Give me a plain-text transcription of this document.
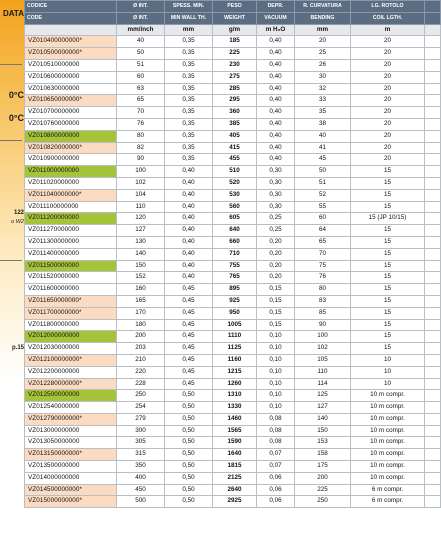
DATA
0°C
0°C
122
o W2
p.15
CODICE	Ø INT.	SPESS. MIN.	PESO	DEPR.	R. CURVATURA	LG. ROTOLO	
CODE	Ø INT.	MIN WALL TH.	WEIGHT	VACUUM	BENDING	COIL LGTH.	
	mm/inch	mm	g/m	m H₂O	mm	m	
VZ010400000000*	40	0,35	185	0,40	20	20	
VZ010500000000*	50	0,35	225	0,40	25	20	
VZ010510000000	51	0,35	230	0,40	26	20	
VZ010600000000	60	0,35	275	0,40	30	20	
VZ010630000000	63	0,35	285	0,40	32	20	
VZ010650000000*	65	0,35	295	0,40	33	20	
VZ010700000000	70	0,35	360	0,40	35	20	
VZ010760000000	76	0,35	385	0,40	38	20	
VZ010800000000	80	0,35	405	0,40	40	20	
VZ010820000000*	82	0,35	415	0,40	41	20	
VZ010900000000	90	0,35	455	0,40	45	20	
VZ011000000000	100	0,40	510	0,30	50	15	
VZ011020000000	102	0,40	520	0,30	51	15	
VZ011040000000*	104	0,40	530	0,30	52	15	
VZ011100000000	110	0,40	560	0,30	55	15	
VZ011200000000	120	0,40	605	0,25	60	15 (JP 10/15)	
VZ011270000000	127	0,40	640	0,25	64	15	
VZ011300000000	130	0,40	660	0,20	65	15	
VZ011400000000	140	0,40	710	0,20	70	15	
VZ011500000000	150	0,40	755	0,20	75	15	
VZ011520000000	152	0,40	765	0,20	76	15	
VZ011600000000	160	0,45	895	0,15	80	15	
VZ011650000000*	165	0,45	925	0,15	83	15	
VZ011700000000*	170	0,45	950	0,15	85	15	
VZ011800000000	180	0,45	1005	0,15	90	15	
VZ012000000000	200	0,45	1110	0,10	100	15	
VZ012030000000	203	0,45	1125	0,10	102	15	
VZ012100000000*	210	0,45	1160	0,10	105	10	
VZ012200000000	220	0,45	1215	0,10	110	10	
VZ012280000000*	228	0,45	1260	0,10	114	10	
VZ012500000000	250	0,50	1310	0,10	125	10 m compr.	
VZ012540000000	254	0,50	1330	0,10	127	10 m compr.	
VZ012790000000*	279	0,50	1460	0,08	140	10 m compr.	
VZ013000000000	300	0,50	1565	0,08	150	10 m compr.	
VZ013050000000	305	0,50	1590	0,08	153	10 m compr.	
VZ013150000000*	315	0,50	1640	0,07	158	10 m compr.	
VZ013500000000	350	0,50	1815	0,07	175	10 m compr.	
VZ014000000000	400	0,50	2125	0,06	200	10 m compr.	
VZ014500000000*	450	0,50	2640	0,06	225	6 m compr.	
VZ015000000000*	500	0,50	2925	0,06	250	6 m compr.	
